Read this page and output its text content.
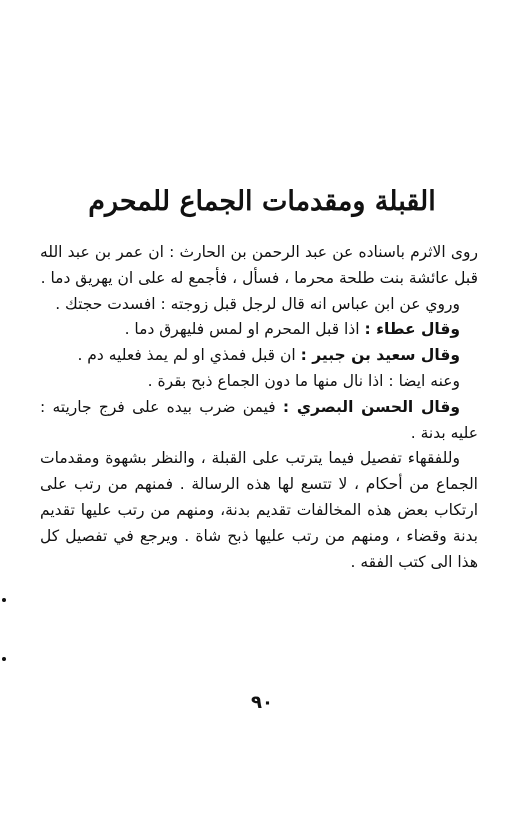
القبلة ومقدمات الجماع للمحرم

روى الاثرم باسناده عن عبد الرحمن بن الحارث : ان عمر بن عبد الله قبل عائشة بنت طلحة محرما ، فسأل ، فأجمع له على ان يهريق دما .

وروي عن ابن عباس انه قال لرجل قبل زوجته : افسدت حجتك .

وقال عطاء : اذا قبل المحرم او لمس فليهرق دما .

وقال سعيد بن جبير : ان قبل فمذي او لم يمذ فعليه دم .

وعنه ايضا : اذا نال منها ما دون الجماع ذبح بقرة .

وقال الحسن البصري : فيمن ضرب بيده على فرج جاريته : عليه بدنة .

وللفقهاء تفصيل فيما يترتب على القبلة ، والنظر بشهوة ومقدمات الجماع من أحكام ، لا تتسع لها هذه الرسالة . فمنهم من رتب على ارتكاب بعض هذه المخالفات تقديم بدنة، ومنهم من رتب عليها تقديم بدنة وقضاء ، ومنهم من رتب عليها ذبح شاة . ويرجع في تفصيل كل هذا الى كتب الفقه .

٩٠
